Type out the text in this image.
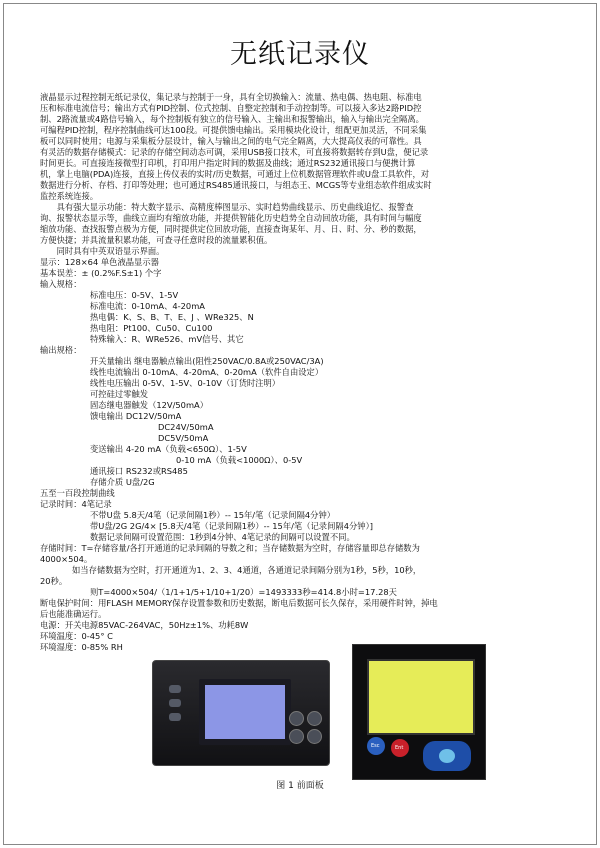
无纸记录仪
液晶显示过程控制无纸记录仪，集记录与控制于一身，具有全切换输入：流量、热电偶、热电阻、标准电
压和标准电流信号；输出方式有PID控制、位式控制、自整定控制和手动控制等。可以接入多达2路PID控
制、2路流量或4路信号输入，每个控制板有独立的信号输入、主输出和报警输出，输入与输出完全隔离。
可编程PID控制，程序控制曲线可达100段。可提供馈电输出。采用模块化设计，组配更加灵活，不同采集
板可以同时使用；电源与采集板分层设计，输入与输出之间的电气完全隔离，大大提高仪表的可靠性。具
有灵活的数据存储模式：记录的存储空间动态可调，采用USB接口技术，可直接将数据转存到U盘，便记录
时间更长。可直接连接微型打印机，打印用户指定时间的数据及曲线；通过RS232通讯接口与便携计算
机，掌上电脑(PDA)连接，直接上传仪表的实时/历史数据，可通过上位机数据管理软件或U盘工具软件，对
数据进行分析、存档、打印等处理；也可通过RS485通讯接口，与组态王、MCGS等专业组态软件组成实时
监控系统连接。
　　具有强大显示功能：特大数字显示、高精度棒图显示、实时趋势曲线显示、历史曲线追忆、报警查
询、报警状态显示等，曲线立面均有缩放功能，并提供智能化历史趋势全自动回放功能，具有时间与幅度
缩放功能、查找报警点极为方便，同时提供定位回放功能，直接查询某年、月、日、时、分、秒的数据，
方便快捷；并具流量积累功能，可查寻任意时段的流量累积值。
　　同时具有中英双语显示界面。
显示：128×64 单色液晶显示器
基本误差：± (0.2%F.S±1) 个字
输入规格：
标准电压：0-5V、1-5V
标准电流：0-10mA、4-20mA
热电偶：K、S、B、T、E、J 、WRe325、N
热电阻：Pt100、Cu50、Cu100
特殊输入：R、WRe526、mV信号、其它
输出规格：
开关量输出 继电器触点输出(阻性250VAC/0.8A或250VAC/3A)
线性电流输出 0-10mA、4-20mA、0-20mA（软件自由设定）
线性电压输出 0-5V、1-5V、0-10V（订货时注明）
可控硅过零触发
固态继电器触发（12V/50mA）
馈电输出 DC12V/50mA
DC24V/50mA
DC5V/50mA
变送输出 4-20 mA（负载<650Ω）、1-5V
0-10 mA（负载<1000Ω）、0-5V
通讯接口 RS232或RS485
存储介质 U盘/2G
五至一百段控制曲线
记录时间：4笔记录
不带U盘 5.8天/4笔（记录间隔1秒）-- 15年/笔（记录间隔4分钟）
带U盘/2G 2G/4× [5.8天/4笔（记录间隔1秒）-- 15年/笔（记录间隔4分钟）]
数据记录间隔可设置范围：1秒到4分钟、4笔记录的间隔可以设置不同。
存储时间：T=存储容量/各打开通道的记录间隔的导数之和；当存储数据为空时，存储容量即总存储数为
4000×504。
如当存储数据为空时，打开通道为1、2、3、4通道，各通道记录间隔分别为1秒，5秒，10秒，
20秒。
则T=4000×504/（1/1+1/5+1/10+1/20）=1493333秒=414.8小时=17.28天
断电保护时间：用FLASH MEMORY保存设置参数和历史数据，断电后数据可长久保存，采用硬件时钟，掉电
后也能准确运行。
电源：开关电源85VAC-264VAC，50Hz±1%、功耗8W
环境温度：0-45° C
环境湿度：0-85% RH
Esc	Ent
图 1 前面板
